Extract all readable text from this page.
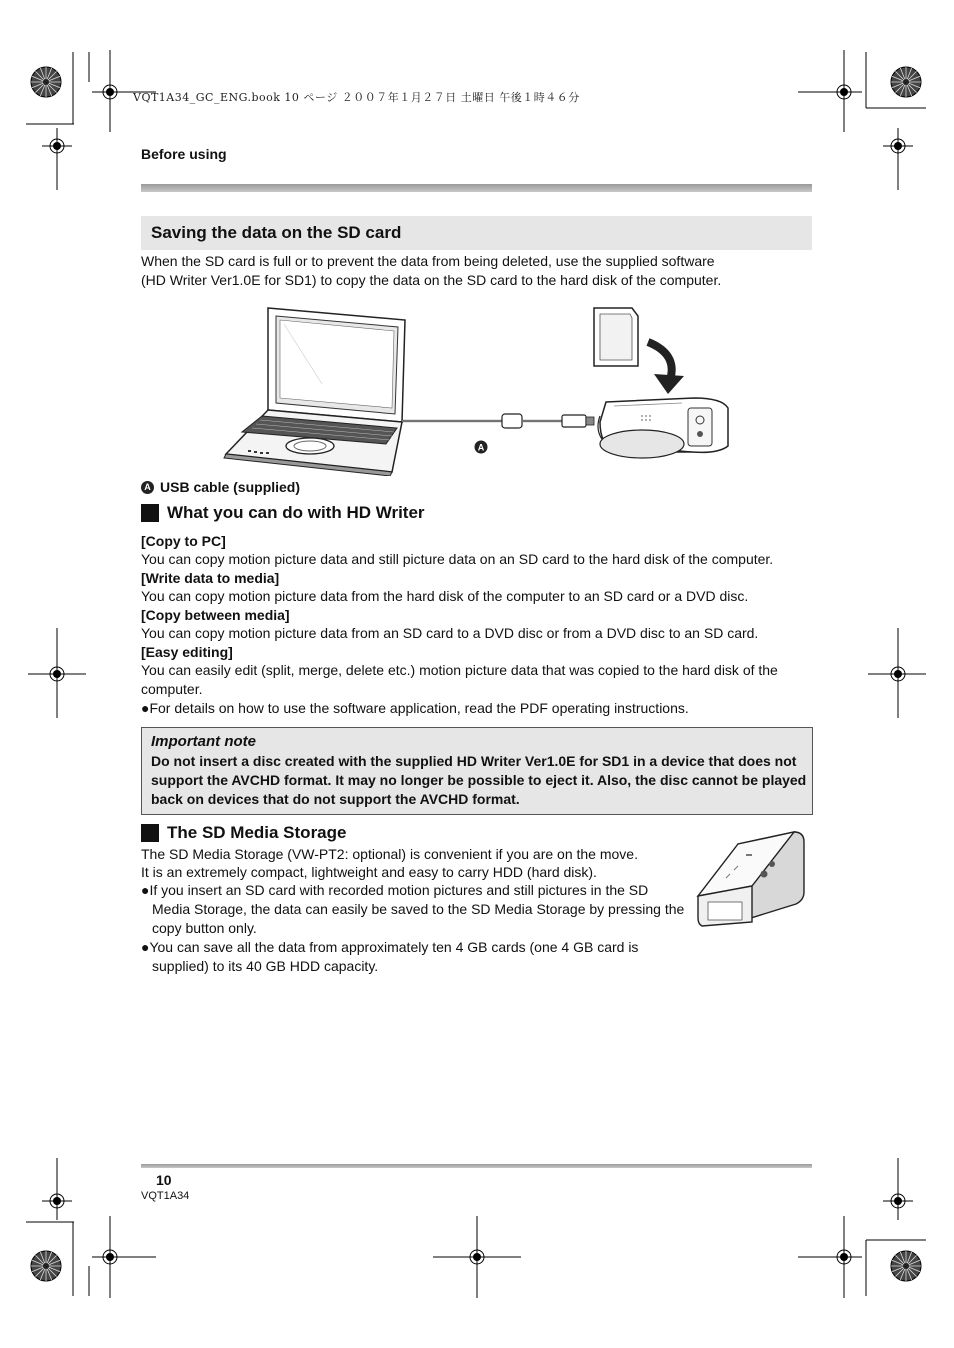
VQT1A34_GC_ENG.book 10 ページ ２００７年１月２７日 土曜日 午後１時４６分
Before using
Saving the data on the SD card
When the SD card is full or to prevent the data from being deleted, use the supplied software
(HD Writer Ver1.0E for SD1) to copy the data on the SD card to the hard disk of the computer.
A
A USB cable (supplied)
What you can do with HD Writer
[Copy to PC]
You can copy motion picture data and still picture data on an SD card to the hard disk of the computer.
[Write data to media]
You can copy motion picture data from the hard disk of the computer to an SD card or a DVD disc.
[Copy between media]
You can copy motion picture data from an SD card to a DVD disc or from a DVD disc to an SD card.
[Easy editing]
You can easily edit (split, merge, delete etc.) motion picture data that was copied to the hard disk of the computer.
●For details on how to use the software application, read the PDF operating instructions.
Important note
Do not insert a disc created with the supplied HD Writer Ver1.0E for SD1 in a device that does not support the AVCHD format. It may no longer be possible to eject it. Also, the disc cannot be played back on devices that do not support the AVCHD format.
The SD Media Storage
The SD Media Storage (VW-PT2: optional) is convenient if you are on the move.
It is an extremely compact, lightweight and easy to carry HDD (hard disk).
●If you insert an SD card with recorded motion pictures and still pictures in the SD Media Storage, the data can easily be saved to the SD Media Storage by pressing the copy button only.
●You can save all the data from approximately ten 4 GB cards (one 4 GB card is supplied) to its 40 GB HDD capacity.
10
VQT1A34
